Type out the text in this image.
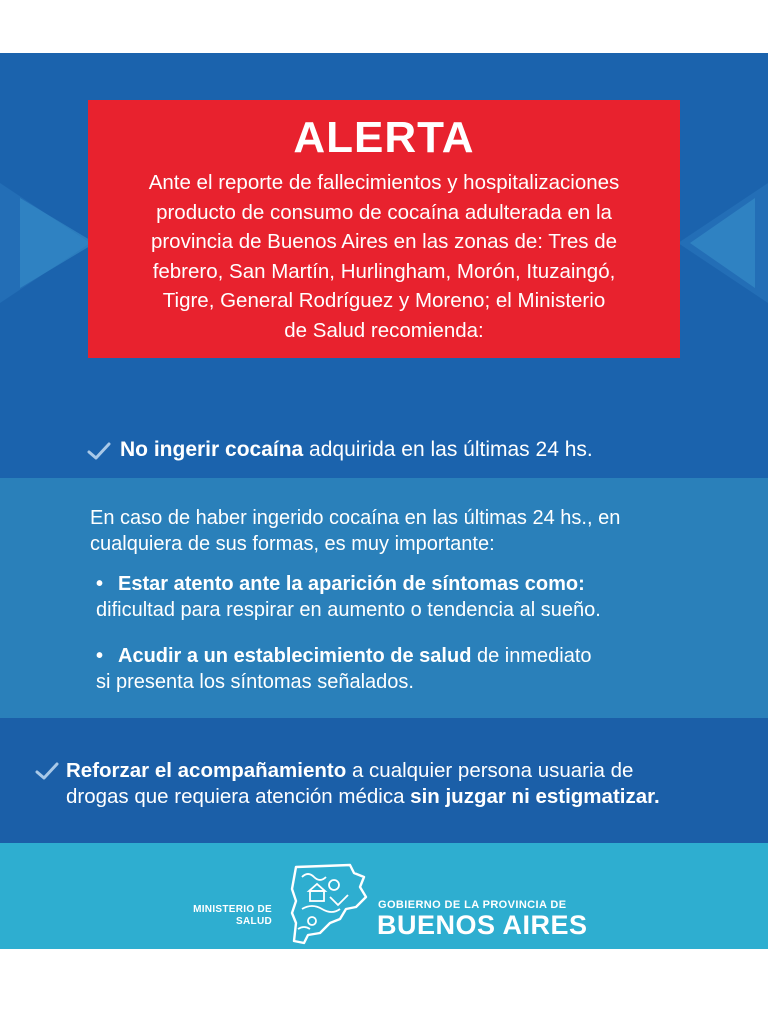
ALERTA
Ante el reporte de fallecimientos y hospitalizaciones
producto de consumo de cocaína adulterada en la
provincia de Buenos Aires en las zonas de: Tres de
febrero, San Martín, Hurlingham, Morón, Ituzaingó,
Tigre, General Rodríguez y Moreno; el Ministerio
de Salud recomienda:
No ingerir cocaína adquirida en las últimas 24 hs.
En caso de haber ingerido cocaína en las últimas 24 hs., en
cualquiera de sus formas, es muy importante:
• Estar atento ante la aparición de síntomas como:
dificultad para respirar en aumento o tendencia al sueño.
• Acudir a un establecimiento de salud de inmediato
si presenta los síntomas señalados.
Reforzar el acompañamiento a cualquier persona usuaria de
drogas que requiera atención médica sin juzgar ni estigmatizar.
MINISTERIO DE
SALUD
GOBIERNO DE LA PROVINCIA DE
BUENOS AIRES
